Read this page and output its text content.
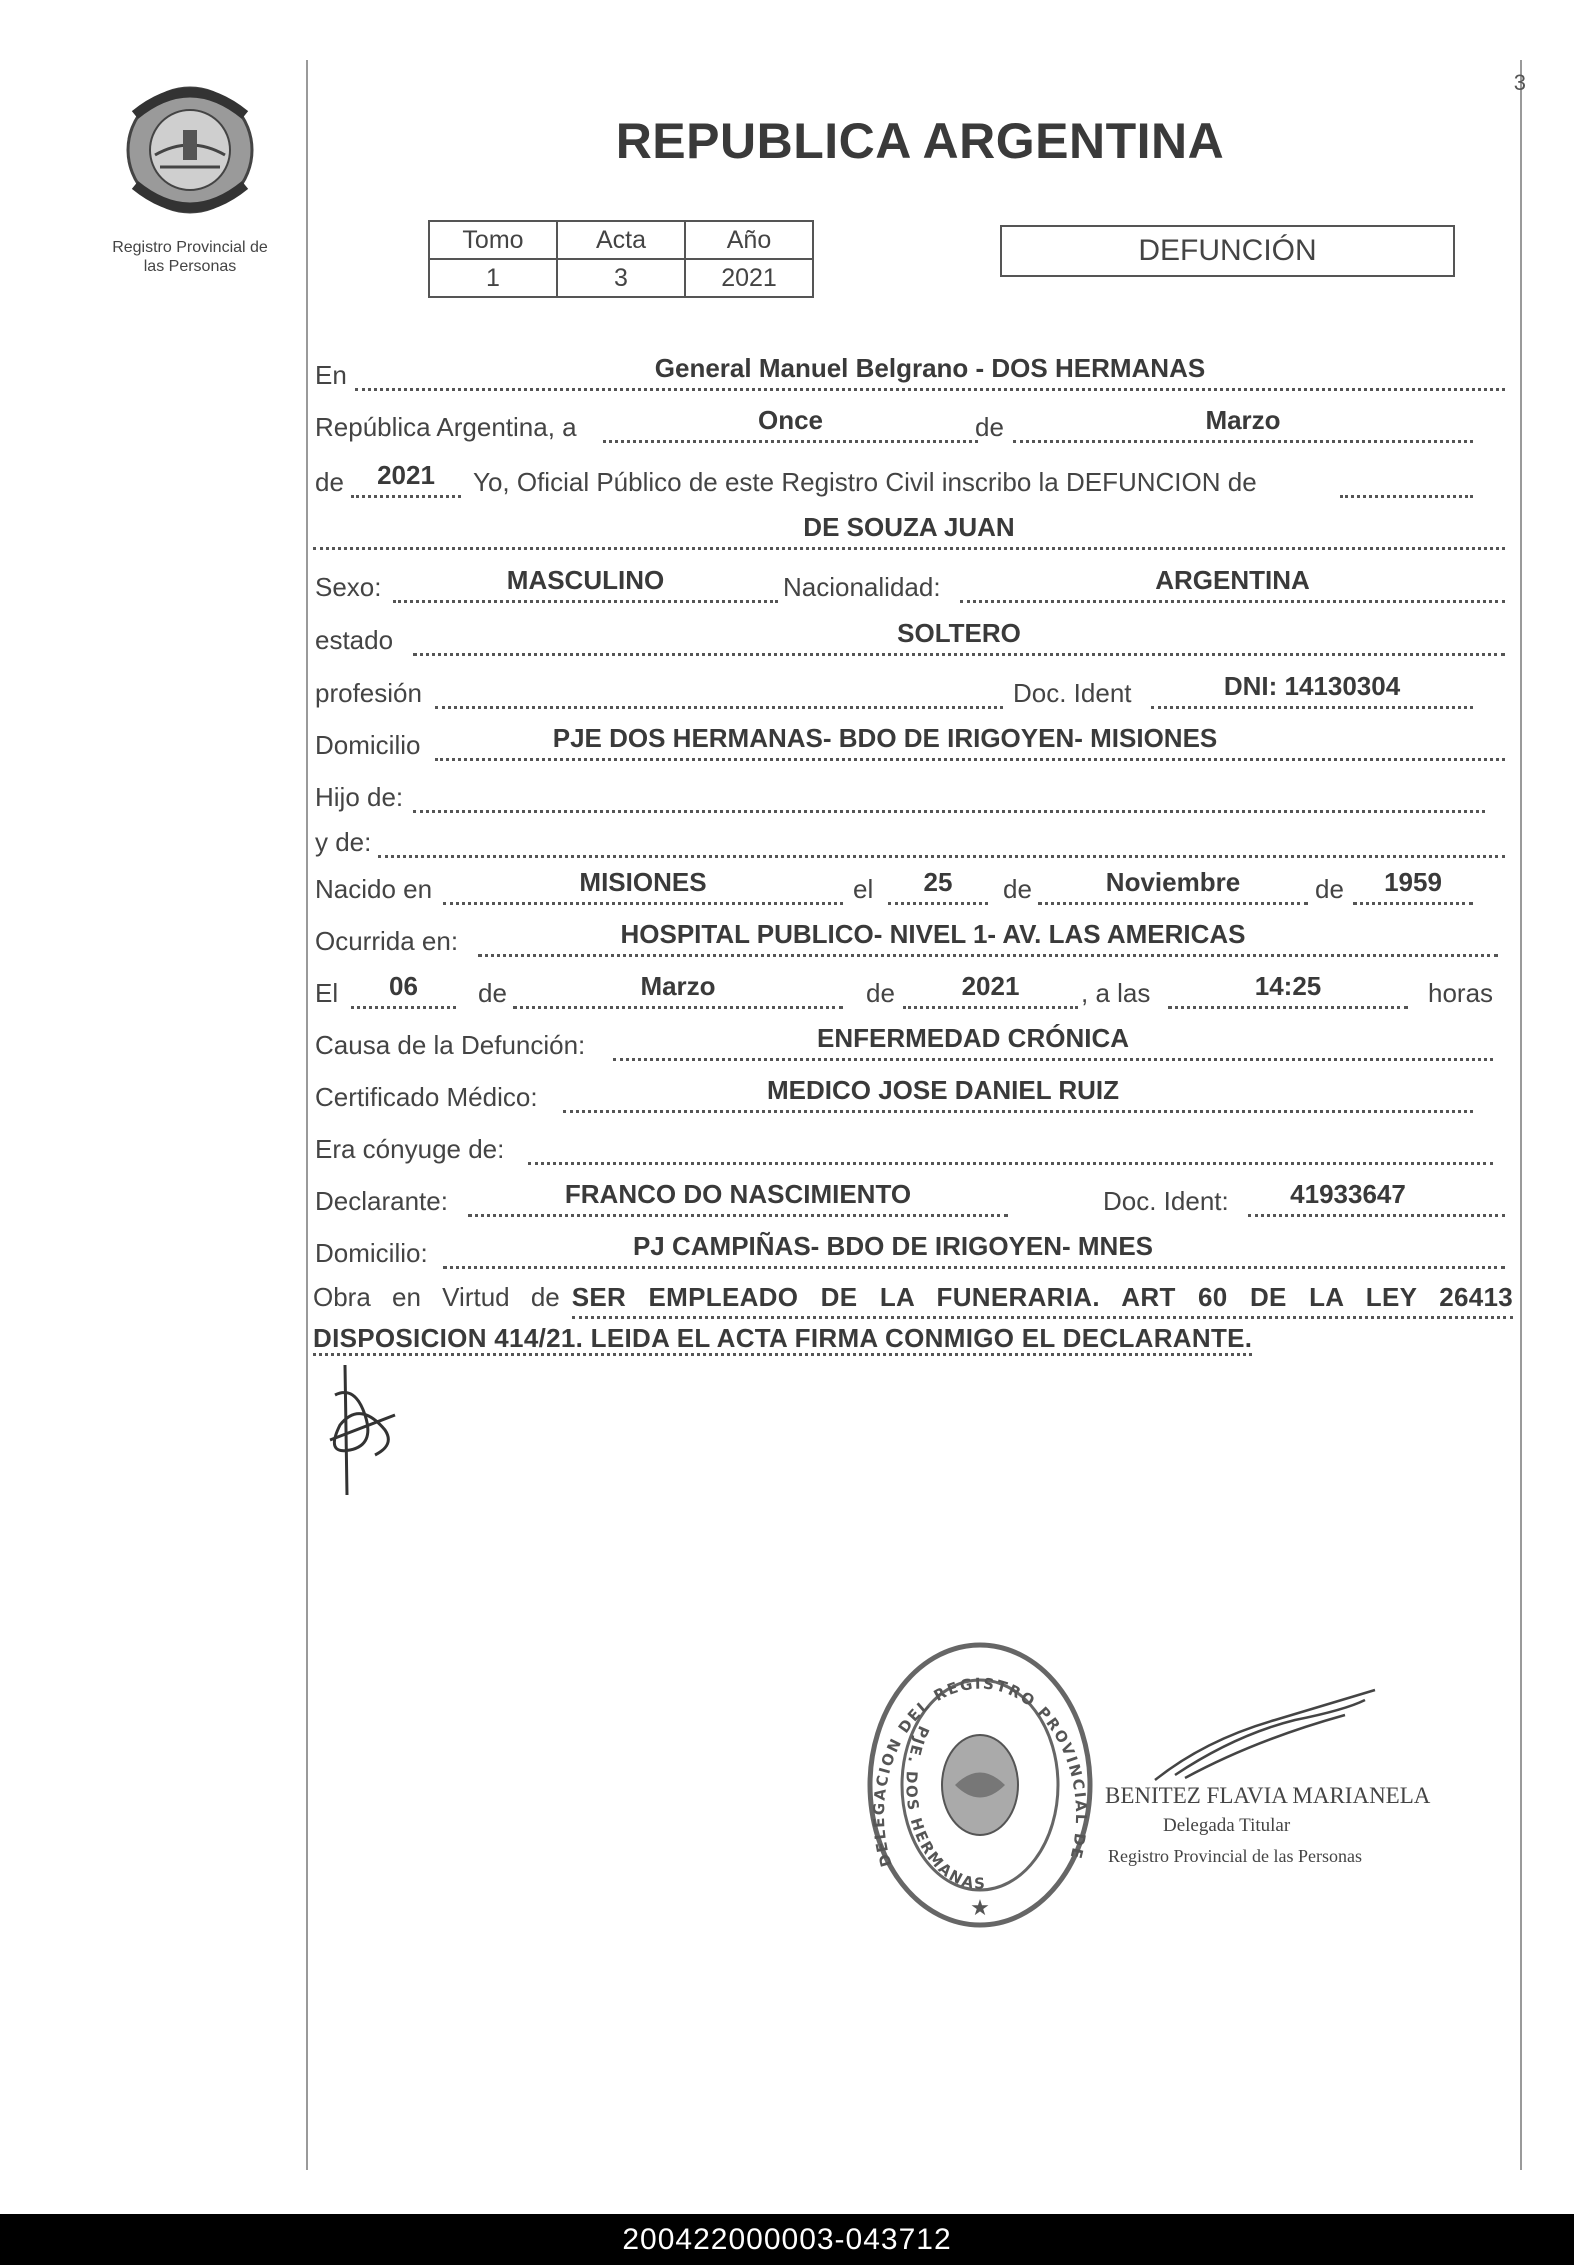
3
Registro Provincial de
las Personas
REPUBLICA ARGENTINA
Tomo	Acta	Año
1	3	2021
DEFUNCIÓN
En	General Manuel Belgrano - DOS HERMANAS
República Argentina, a	Once	de	Marzo
de	2021	Yo, Oficial Público de este Registro Civil inscribo la DEFUNCION de
DE SOUZA JUAN
Sexo:	MASCULINO	Nacionalidad:	ARGENTINA
estado	SOLTERO
profesión	Doc. Ident	DNI: 14130304
Domicilio	PJE DOS HERMANAS- BDO DE IRIGOYEN- MISIONES
Hijo de:
y de:
Nacido en	MISIONES	el	25	de	Noviembre	de	1959
Ocurrida en:	HOSPITAL PUBLICO- NIVEL 1- AV. LAS AMERICAS
El	06	de	Marzo	de	2021	, a las	14:25	horas
Causa de la Defunción:	ENFERMEDAD CRÓNICA
Certificado Médico:	MEDICO JOSE DANIEL RUIZ
Era cónyuge de:
Declarante:	FRANCO DO NASCIMIENTO	Doc. Ident:	41933647
Domicilio:	PJ CAMPIÑAS- BDO DE IRIGOYEN- MNES
Obra en Virtud de SER EMPLEADO DE LA FUNERARIA. ART 60 DE LA LEY 26413
DISPOSICION 414/21. LEIDA EL ACTA FIRMA CONMIGO EL DECLARANTE.
★
DELEGACION DEL REGISTRO PROVINCIAL DE
PJE. DOS HERMANAS
BENITEZ FLAVIA MARIANELA
Delegada Titular
Registro Provincial de las Personas
200422000003-043712
